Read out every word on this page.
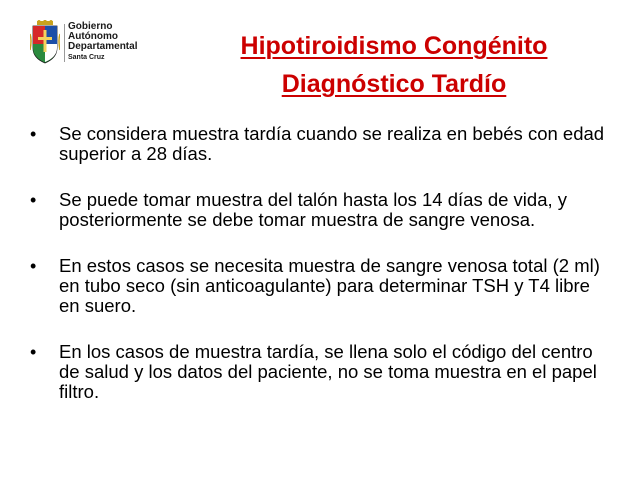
Gobierno
Autónomo
Departamental
Santa Cruz	Hipotiroidismo Congénito
Diagnóstico Tardío
• Se considera muestra tardía cuando se realiza en bebés con edad superior a 28 días.
• Se puede tomar muestra del talón hasta los 14 días de vida, y posteriormente se debe tomar muestra de sangre venosa.
• En estos casos se necesita muestra de sangre venosa total (2 ml) en tubo seco (sin anticoagulante) para determinar TSH y T4 libre en suero.
• En los casos de muestra tardía, se llena solo el código del centro de salud y los datos del paciente, no se toma muestra en el papel filtro.
